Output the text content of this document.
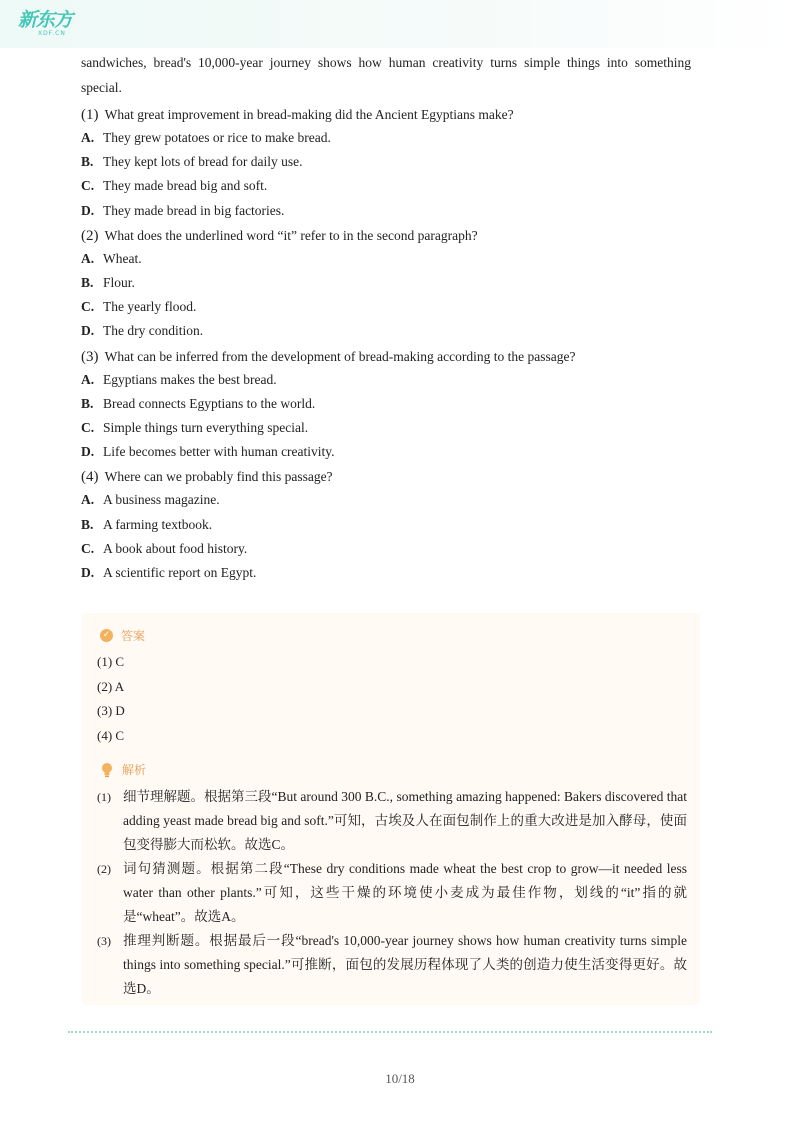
新东方
XDF.CN

sandwiches, bread's 10,000-year journey shows how human creativity turns simple things into something special.

(1) What great improvement in bread-making did the Ancient Egyptians make?
A. They grew potatoes or rice to make bread.
B. They kept lots of bread for daily use.
C. They made bread big and soft.
D. They made bread in big factories.
(2) What does the underlined word “it” refer to in the second paragraph?
A. Wheat.
B. Flour.
C. The yearly flood.
D. The dry condition.
(3) What can be inferred from the development of bread-making according to the passage?
A. Egyptians makes the best bread.
B. Bread connects Egyptians to the world.
C. Simple things turn everything special.
D. Life becomes better with human creativity.
(4) Where can we probably find this passage?
A. A business magazine.
B. A farming textbook.
C. A book about food history.
D. A scientific report on Egypt.
✓ 答案
(1) C
(2) A
(3) D
(4) C
解析
(1) 细节理解题。根据第三段“But around 300 B.C., something amazing happened: Bakers discovered that adding yeast made bread big and soft.”可知，古埃及人在面包制作上的重大改进是加入酵母，使面包变得膨大而松软。故选C。
(2) 词句猜测题。根据第二段“These dry conditions made wheat the best crop to grow—it needed less water than other plants.”可知，这些干燥的环境使小麦成为最佳作物，划线的“it”指的就是“wheat”。故选A。
(3) 推理判断题。根据最后一段“bread's 10,000-year journey shows how human creativity turns simple things into something special.”可推断，面包的发展历程体现了人类的创造力使生活变得更好。故选D。
10/18
